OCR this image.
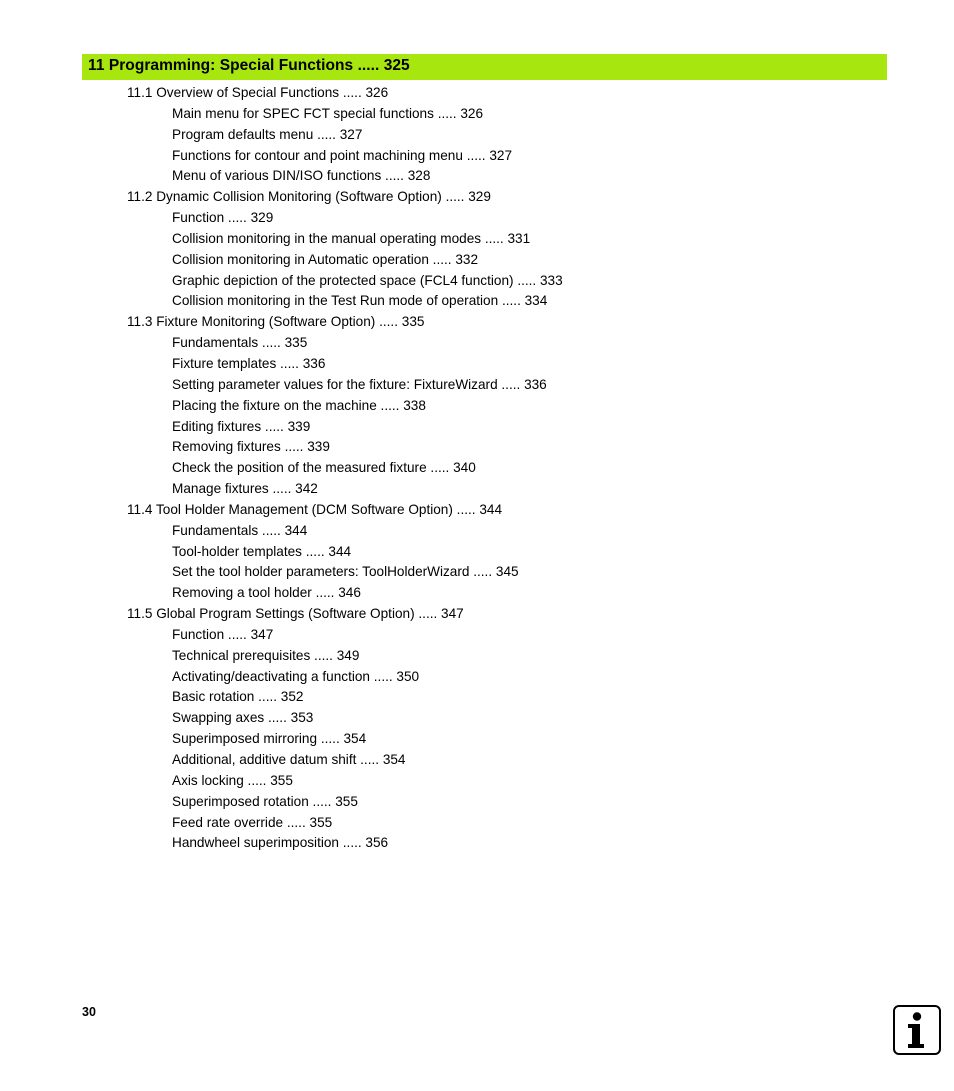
11 Programming: Special Functions ..... 325
11.1 Overview of Special Functions ..... 326
Main menu for SPEC FCT special functions ..... 326
Program defaults menu ..... 327
Functions for contour and point machining menu ..... 327
Menu of various DIN/ISO functions ..... 328
11.2 Dynamic Collision Monitoring (Software Option) ..... 329
Function ..... 329
Collision monitoring in the manual operating modes ..... 331
Collision monitoring in Automatic operation ..... 332
Graphic depiction of the protected space (FCL4 function) ..... 333
Collision monitoring in the Test Run mode of operation ..... 334
11.3 Fixture Monitoring (Software Option) ..... 335
Fundamentals ..... 335
Fixture templates ..... 336
Setting parameter values for the fixture: FixtureWizard ..... 336
Placing the fixture on the machine ..... 338
Editing fixtures ..... 339
Removing fixtures ..... 339
Check the position of the measured fixture ..... 340
Manage fixtures ..... 342
11.4 Tool Holder Management (DCM Software Option) ..... 344
Fundamentals ..... 344
Tool-holder templates ..... 344
Set the tool holder parameters: ToolHolderWizard ..... 345
Removing a tool holder ..... 346
11.5 Global Program Settings (Software Option) ..... 347
Function ..... 347
Technical prerequisites ..... 349
Activating/deactivating a function ..... 350
Basic rotation ..... 352
Swapping axes ..... 353
Superimposed mirroring ..... 354
Additional, additive datum shift ..... 354
Axis locking ..... 355
Superimposed rotation ..... 355
Feed rate override ..... 355
Handwheel superimposition ..... 356
30
